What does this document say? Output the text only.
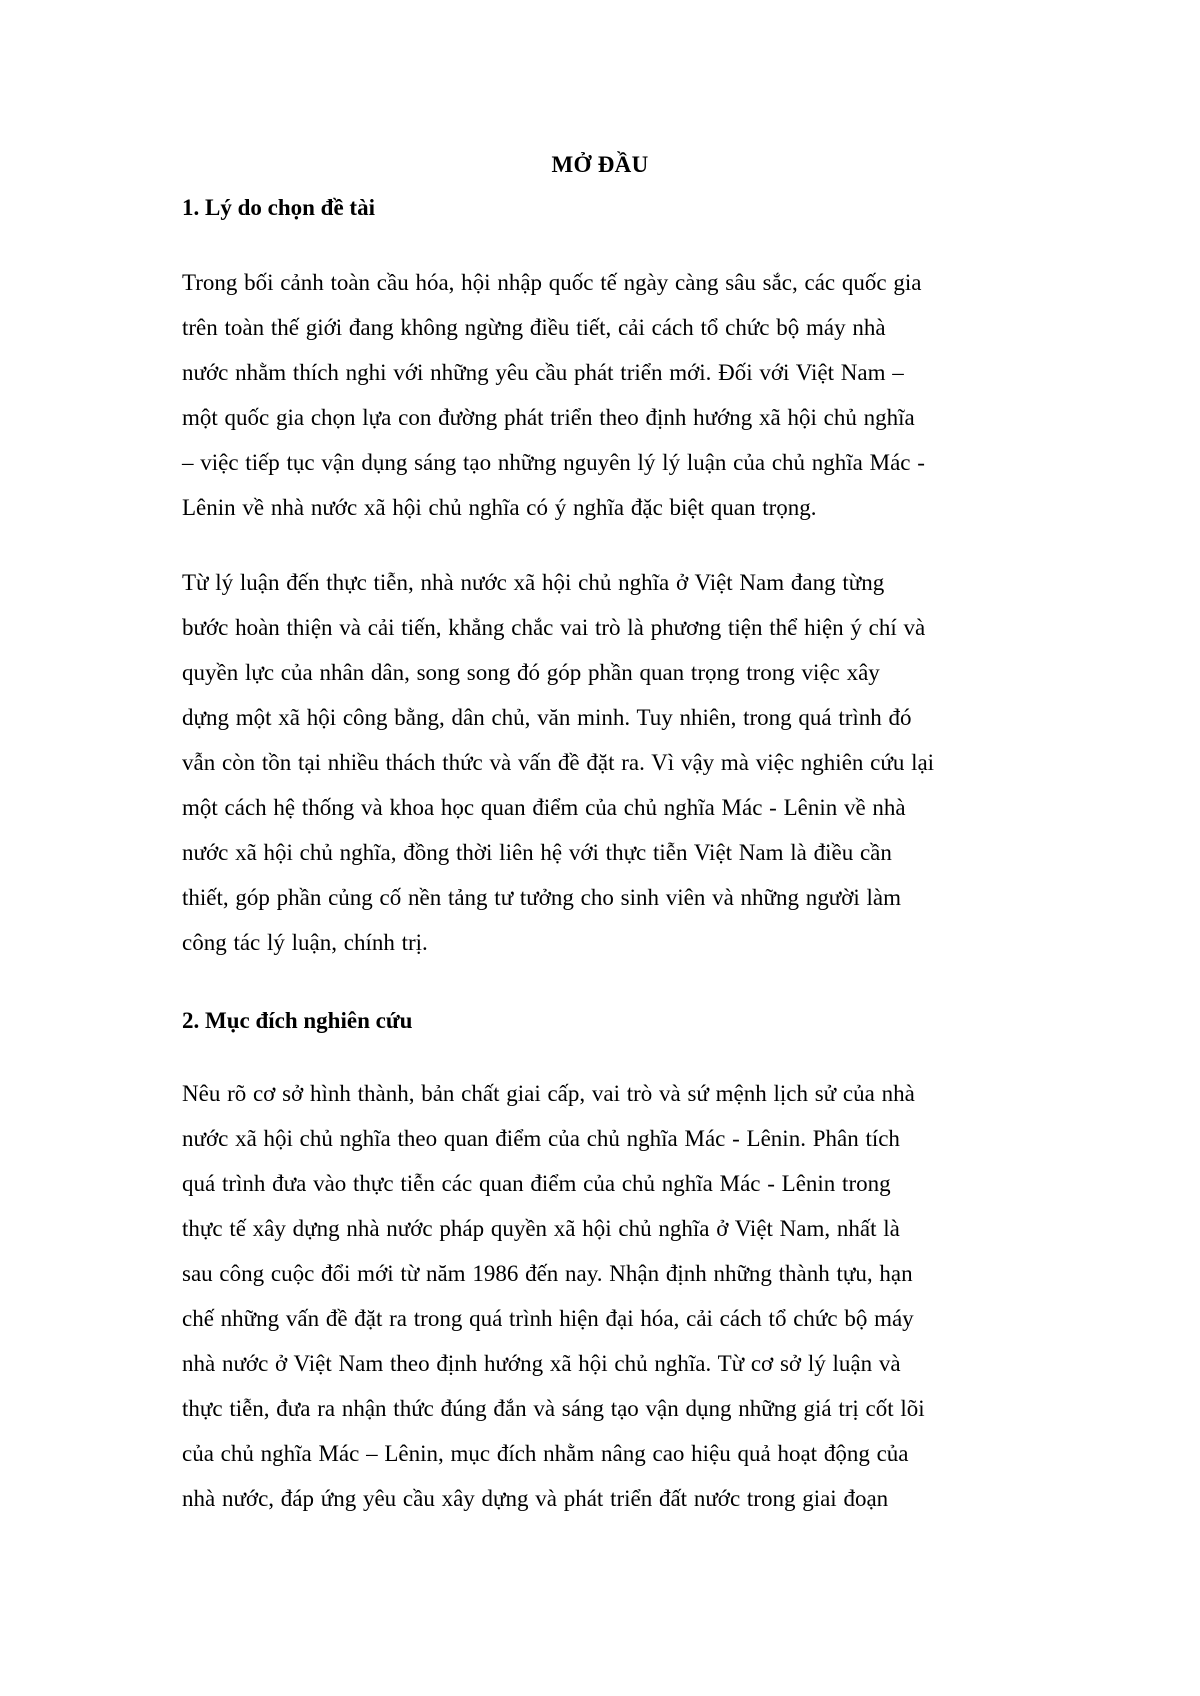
MỞ ĐẦU
1. Lý do chọn đề tài

Trong bối cảnh toàn cầu hóa, hội nhập quốc tế ngày càng sâu sắc, các quốc gia
trên toàn thế giới đang không ngừng điều tiết, cải cách tổ chức bộ máy nhà
nước nhằm thích nghi với những yêu cầu phát triển mới. Đối với Việt Nam –
một quốc gia chọn lựa con đường phát triển theo định hướng xã hội chủ nghĩa
– việc tiếp tục vận dụng sáng tạo những nguyên lý lý luận của chủ nghĩa Mác -
Lênin về nhà nước xã hội chủ nghĩa có ý nghĩa đặc biệt quan trọng.

Từ lý luận đến thực tiễn, nhà nước xã hội chủ nghĩa ở Việt Nam đang từng
bước hoàn thiện và cải tiến, khẳng chắc vai trò là phương tiện thể hiện ý chí và
quyền lực của nhân dân, song song đó góp phần quan trọng trong việc xây
dựng một xã hội công bằng, dân chủ, văn minh. Tuy nhiên, trong quá trình đó
vẫn còn tồn tại nhiều thách thức và vấn đề đặt ra. Vì vậy mà việc nghiên cứu lại
một cách hệ thống và khoa học quan điểm của chủ nghĩa Mác - Lênin về nhà
nước xã hội chủ nghĩa, đồng thời liên hệ với thực tiễn Việt Nam là điều cần
thiết, góp phần củng cố nền tảng tư tưởng cho sinh viên và những người làm
công tác lý luận, chính trị.

2. Mục đích nghiên cứu

Nêu rõ cơ sở hình thành, bản chất giai cấp, vai trò và sứ mệnh lịch sử của nhà
nước xã hội chủ nghĩa theo quan điểm của chủ nghĩa Mác - Lênin. Phân tích
quá trình đưa vào thực tiễn các quan điểm của chủ nghĩa Mác - Lênin trong
thực tế xây dựng nhà nước pháp quyền xã hội chủ nghĩa ở Việt Nam, nhất là
sau công cuộc đổi mới từ năm 1986 đến nay. Nhận định những thành tựu, hạn
chế những vấn đề đặt ra trong quá trình hiện đại hóa, cải cách tổ chức bộ máy
nhà nước ở Việt Nam theo định hướng xã hội chủ nghĩa. Từ cơ sở lý luận và
thực tiễn, đưa ra nhận thức đúng đắn và sáng tạo vận dụng những giá trị cốt lõi
của chủ nghĩa Mác – Lênin, mục đích nhằm nâng cao hiệu quả hoạt động của
nhà nước, đáp ứng yêu cầu xây dựng và phát triển đất nước trong giai đoạn
